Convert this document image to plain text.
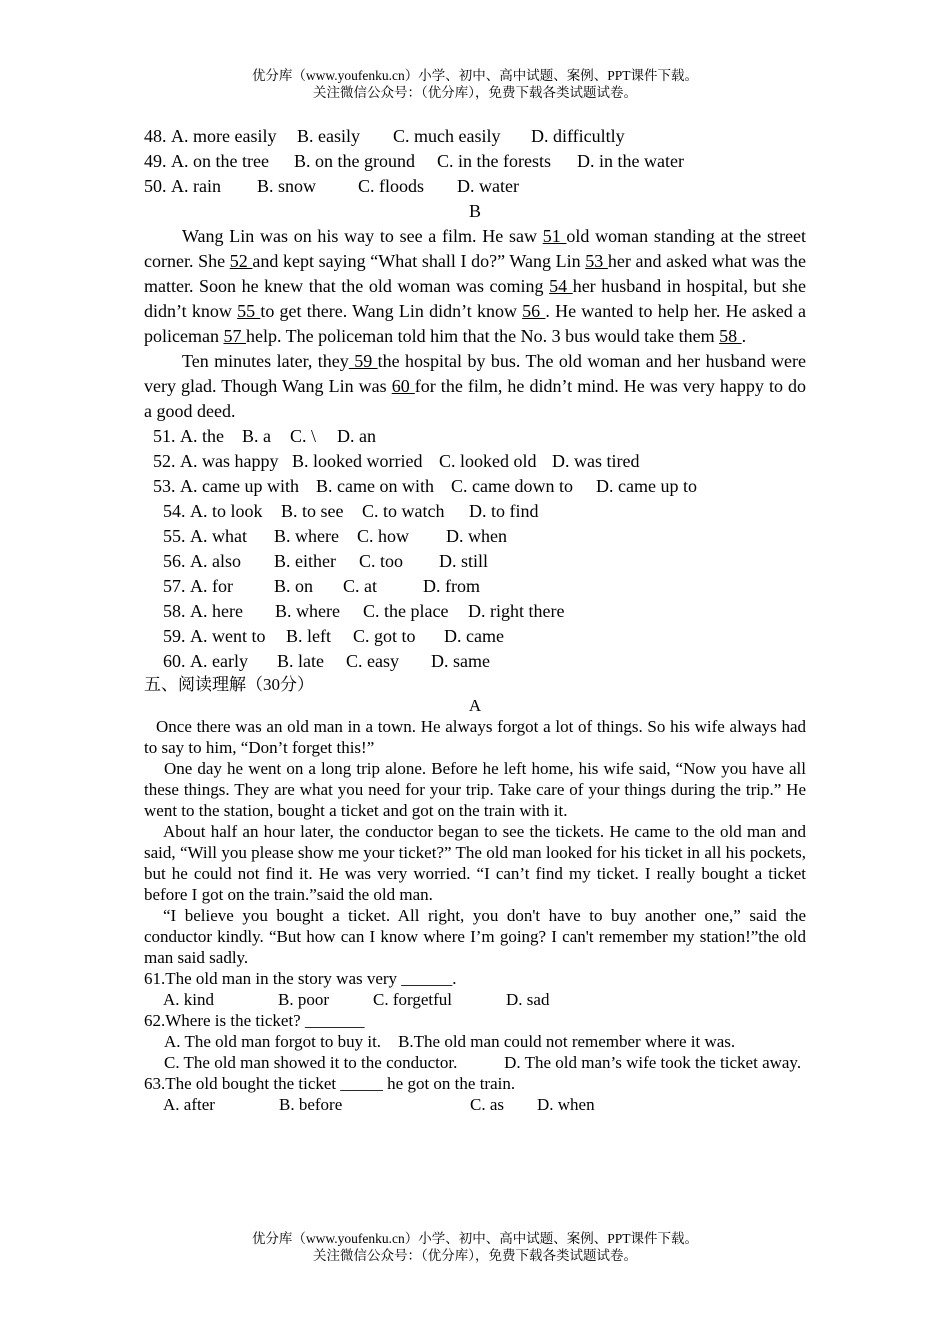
优分库（www.youfenku.cn）小学、初中、高中试题、案例、PPT课件下载。
关注微信公众号：（优分库），免费下载各类试题试卷。
48. A. more easily B. easily C. much easily D. difficultly
49. A. on the tree B. on the ground C. in the forests D. in the water
50. A. rain B. snow C. floods D. water
B
Wang Lin was on his way to see a film. He saw 51 old woman standing at the street corner. She 52 and kept saying “What shall I do?” Wang Lin 53 her and asked what was the matter. Soon he knew that the old woman was coming 54 her husband in hospital, but she didn’t know 55 to get there. Wang Lin didn’t know 56 . He wanted to help her. He asked a policeman 57 help. The policeman told him that the No. 3 bus would take them 58 .
Ten minutes later, they 59 the hospital by bus. The old woman and her husband were very glad. Though Wang Lin was 60 for the film, he didn’t mind. He was very happy to do a good deed.
51. A. the B. a C. \ D. an
52. A. was happy B. looked worried C. looked old D. was tired
53. A. came up with B. came on with C. came down to D. came up to
54. A. to look B. to see C. to watch D. to find
55. A. what B. where C. how D. when
56. A. also B. either C. too D. still
57. A. for B. on C. at	D. from
58. A. here B. where C. the place D. right there
59. A. went to B. left C. got to D. came
60. A. early B. late C. easy D. same
五、阅读理解（30分）
A
Once there was an old man in a town. He always forgot a lot of things. So his wife always had to say to him, “Don’t forget this!”
One day he went on a long trip alone. Before he left home, his wife said, “Now you have all these things. They are what you need for your trip. Take care of your things during the trip.” He went to the station, bought a ticket and got on the train with it.
About half an hour later, the conductor began to see the tickets. He came to the old man and said, “Will you please show me your ticket?” The old man looked for his ticket in all his pockets, but he could not find it. He was very worried. “I can’t find my ticket. I really bought a ticket before I got on the train.”said the old man.
“I believe you bought a ticket. All right, you don't have to buy another one,” said the conductor kindly. “But how can I know where I’m going? I can't remember my station!”the old man said sadly.
61.The old man in the story was very ______.
A. kind	B. poor	C. forgetful	D. sad
62.Where is the ticket? _______
A. The old man forgot to buy it. B.The old man could not remember where it was.
C. The old man showed it to the conductor.	D. The old man’s wife took the ticket away.
63.The old bought the ticket _____ he got on the train.
A. after	B. before	C. as D. when
优分库（www.youfenku.cn）小学、初中、高中试题、案例、PPT课件下载。
关注微信公众号：（优分库），免费下载各类试题试卷。
